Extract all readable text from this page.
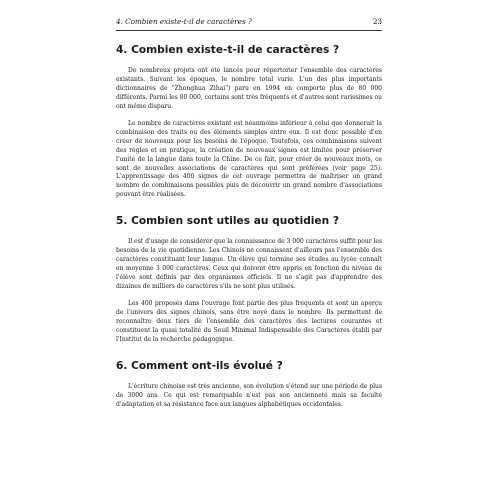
4. Combien existe-t-il de caractères ?	23
4. Combien existe-t-il de caractères ?

De nombreux projets ont été lancés pour répertorier l'ensemble des caractères existants. Suivant les époques, le nombre total varie. L'un des plus importants dictionnaires de "Zhonghua Zihai") paru en 1994 en comporte plus de 80 000 différents. Parmi les 80 000, certains sont très fréquents et d'autres sont rarissimes ou ont même disparu.

Le nombre de caractères existant est néanmoins inférieur à celui que donnerait la combinaison des traits ou des éléments simples entre eux. Il est donc possible d'en créer de nouveaux pour les besoins de l'époque. Toutefois, ces combinaisons suivent des règles et en pratique, la création de nouveaux signes est limitée pour préserver l'unité de la langue dans toute la Chine. De ce fait, pour créer de nouveaux mots, ce sont de nouvelles associations de caractères qui sont préférées (voir page 25). L'apprentissage des 400 signes de cet ouvrage permettra de maîtriser un grand nombre de combinaisons possibles puis de découvrir un grand nombre d'associations pouvant être réalisées.

5. Combien sont utiles au quotidien ?

Il est d'usage de considérer que la connaissance de 3 000 caractères suffit pour les besoins de la vie quotidienne. Les Chinois ne connaissent d'ailleurs pas l'ensemble des caractères constituant leur langue. Un élève qui termine ses études au lycée connaît en moyenne 3 000 caractères. Ceux qui doivent être appris en fonction du niveau de l'élève sont définis par des organismes officiels. Il ne s'agit pas d'apprendre des dizaines de milliers de caractères s'ils ne sont plus utilisés.

Les 400 proposés dans l'ouvrage font partie des plus fréquents et sont un aperçu de l'univers des signes chinois, sans être noyé dans le nombre. Ils permettent de reconnaître deux tiers de l'ensemble des caractères des lectures courantes et constituent la quasi totalité du Seuil Minimal Indispensable des Caractères établi par l'Institut de la recherche pédagogique.

6. Comment ont-ils évolué ?

L'écriture chinoise est très ancienne, son évolution s'étend sur une période de plus de 3000 ans. Ce qui est remarquable n'est pas son ancienneté mais sa faculté d'adaptation et sa résistance face aux langues alphabétiques occidentales.
